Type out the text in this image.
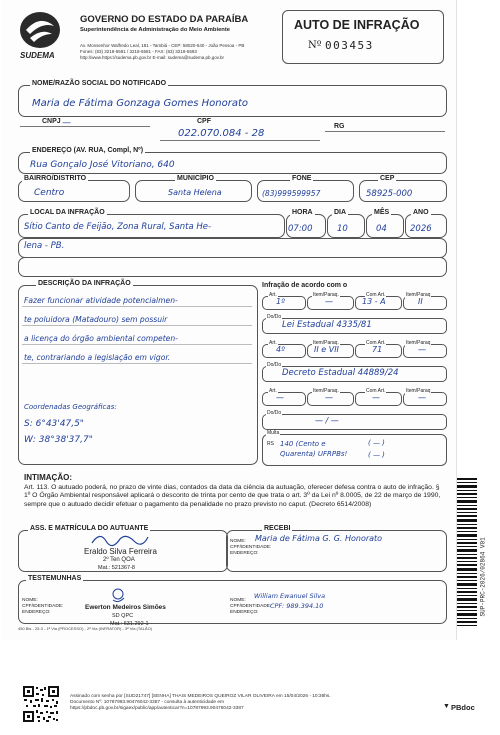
SUDEMA
GOVERNO DO ESTADO DA PARAÍBA
Superintendência de Administração do Meio Ambiente
Av. Monsenhor Walfredo Leal, 181 - Tambiá - CEP: 58020-540 - João Pessoa - PB
Fones: (83) 3218-5591 / 3218-5581 - FAX: (83) 3218-5593
http://www.https://sudema.pb.gov.br E-mail: sudema@sudema.pb.gov.br
AUTO DE INFRAÇÃO
Nº 003453
NOME/RAZÃO SOCIAL DO NOTIFICADO
Maria de Fátima Gonzaga Gomes Honorato
CNPJ —	CPF
022.070.084 - 28
RG
ENDEREÇO (AV. RUA, Compl, Nº)
Rua Gonçalo José Vitoriano, 640
BAIRRO/DISTRITO
Centro
MUNICÍPIO
Santa Helena
FONE
(83)999599957
CEP
58925-000
LOCAL DA INFRAÇÃO
Sítio Canto de Feijão, Zona Rural, Santa He-
lena - PB.
HORA
07:00
DIA
10
MÊS
04
ANO
2026
DESCRIÇÃO DA INFRAÇÃO
Fazer funcionar atividade potencialmen-
te poluidora (Matadouro) sem possuir
a licença do órgão ambiental competen-
te, contrariando a legislação em vigor.
Coordenadas Geográficas:
S: 6°43'47,5"
W: 38°38'37,7"
Infração de acordo com o
Art.
1º
Item/Paraq.
—
Com Art.
13 - A
Item/Paraq
II
Do/Do
Lei Estadual 4335/81
Art.
4º
Item/Paraq.
II e VII
Com Art.
71
Item/Paraq
—
Do/Do
Decreto Estadual 44889/24
Art.
—
Item/Paraq.
—
Com Art.
—
Item/Paraq
—
Do/Do
— / —
Multa
RS 140 (Cento e Quarenta) UFRPBs!
( — )
( — )
INTIMAÇÃO:
Art. 113. O autuado poderá, no prazo de vinte dias, contados da data da ciência da autuação, oferecer defesa contra o auto de infração. § 1º O Órgão Ambiental responsável aplicará o desconto de trinta por cento de que trata o art. 3º da Lei nº 8.0005, de 22 de março de 1990, sempre que o autuado decidir efetuar o pagamento da penalidade no prazo previsto no caput. (Decreto 6514/2008)
ASS. E MATRÍCULA DO AUTUANTE
Eraldo Silva Ferreira
2º Ten QOA
Mat.: 521367-8
RECEBI
NOME:
CPF/IDENTIDADE:
ENDEREÇO:
Maria de Fátima G. G. Honorato
TESTEMUNHAS
NOME:
CPF/IDENTIDADE:
ENDEREÇO:
Ewerton Medeiros Simões
SD QPC
Mat.: 631.292-1
NOME:
CPF/IDENTIDADE:
ENDEREÇO:
William Ewanuel Silva
CPF: 989.394.10
450 Bls - 25-3 - 1ª Via (PROCESSO) - 2ª Via (INFRATOR) - 3ª Via (TALÃO)
SUP-PRC-2026/02864 V01
Assinado com senha por [SUD21747] [SENHA] THAIS MEDEIROS QUEIROZ VILAR OLIVEIRA em 15/04/2026 - 10:36hs.
Documento Nº: 10787993.90476042-3387 - consulta à autenticidade em
https://pbdoc.pb.gov.br/sigaex/public/app/autenticar?n=10787993.90476042-3387	▼ PBdoc
